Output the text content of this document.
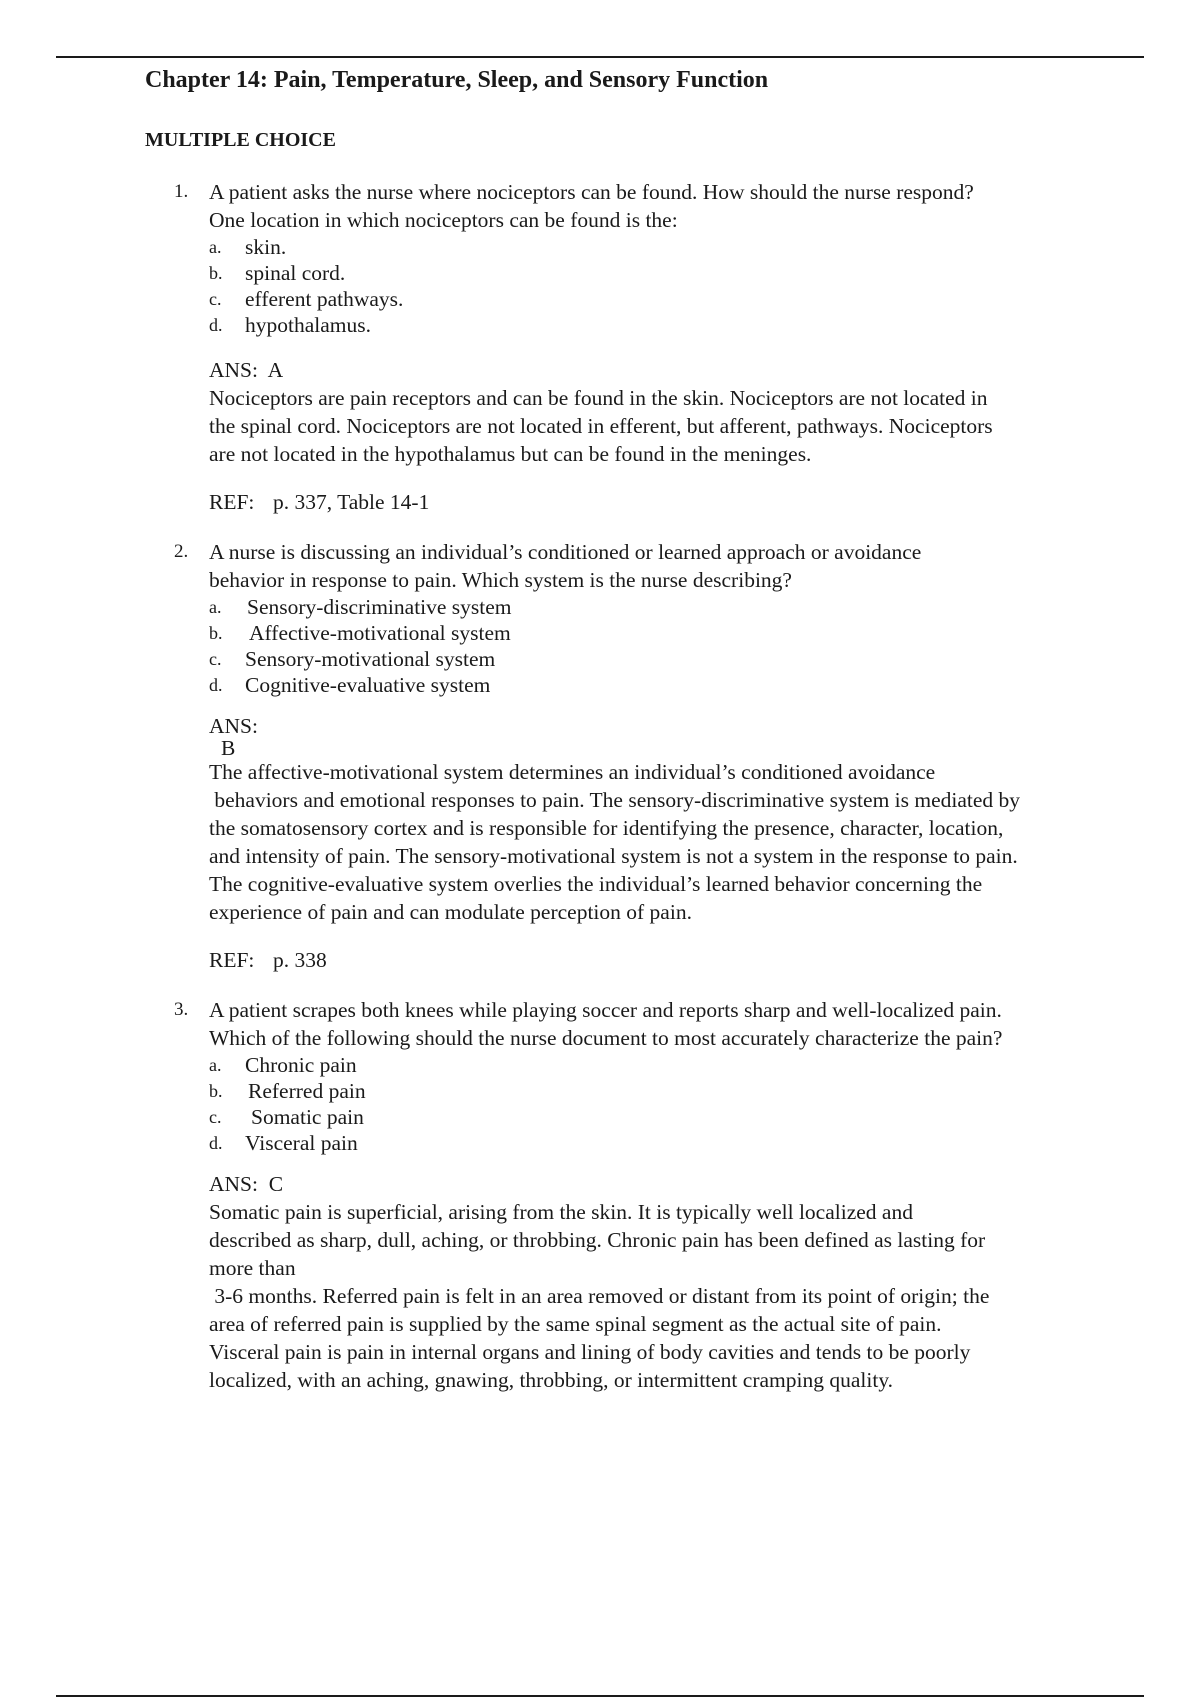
Chapter 14: Pain, Temperature, Sleep, and Sensory Function
MULTIPLE CHOICE
1. A patient asks the nurse where nociceptors can be found. How should the nurse respond?
One location in which nociceptors can be found is the:
a. skin.
b. spinal cord.
c. efferent pathways.
d. hypothalamus.
ANS: A
Nociceptors are pain receptors and can be found in the skin. Nociceptors are not located in
the spinal cord. Nociceptors are not located in efferent, but afferent, pathways. Nociceptors
are not located in the hypothalamus but can be found in the meninges.
REF: p. 337, Table 14-1
2. A nurse is discussing an individual’s conditioned or learned approach or avoidance
behavior in response to pain. Which system is the nurse describing?
a. Sensory-discriminative system
b. Affective-motivational system
c. Sensory-motivational system
d. Cognitive-evaluative system
ANS:
B
The affective-motivational system determines an individual’s conditioned avoidance
behaviors and emotional responses to pain. The sensory-discriminative system is mediated by
the somatosensory cortex and is responsible for identifying the presence, character, location,
and intensity of pain. The sensory-motivational system is not a system in the response to pain.
The cognitive-evaluative system overlies the individual’s learned behavior concerning the
experience of pain and can modulate perception of pain.
REF: p. 338
3. A patient scrapes both knees while playing soccer and reports sharp and well-localized pain.
Which of the following should the nurse document to most accurately characterize the pain?
a. Chronic pain
b. Referred pain
c. Somatic pain
d. Visceral pain
ANS: C
Somatic pain is superficial, arising from the skin. It is typically well localized and
described as sharp, dull, aching, or throbbing. Chronic pain has been defined as lasting for
more than
3-6 months. Referred pain is felt in an area removed or distant from its point of origin; the
area of referred pain is supplied by the same spinal segment as the actual site of pain.
Visceral pain is pain in internal organs and lining of body cavities and tends to be poorly
localized, with an aching, gnawing, throbbing, or intermittent cramping quality.
